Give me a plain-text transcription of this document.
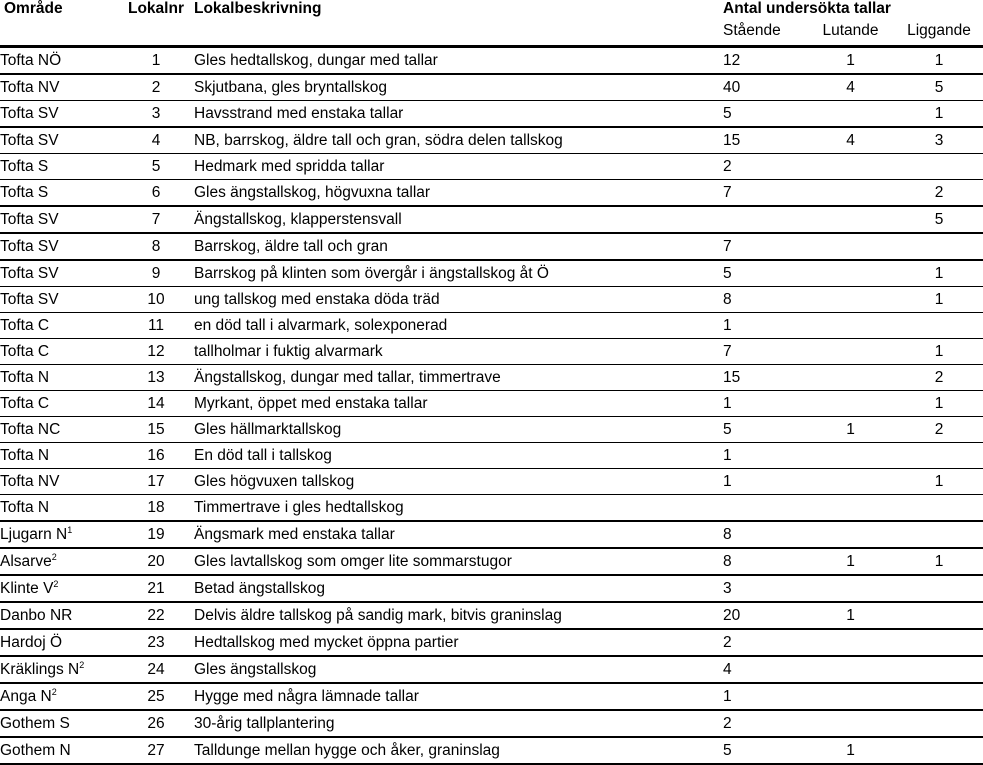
Område	Lokalnr	Lokalbeskrivning	Antal undersökta tallar		
			Stående	Lutande	Liggande
Tofta NÖ	1	Gles hedtallskog, dungar med tallar	12	1	1
Tofta NV	2	Skjutbana, gles bryntallskog	40	4	5
Tofta SV	3	Havsstrand med enstaka tallar	5		1
Tofta SV	4	NB, barrskog, äldre tall och gran, södra delen tallskog	15	4	3
Tofta S	5	Hedmark med spridda tallar	2		
Tofta S	6	Gles ängstallskog, högvuxna tallar	7		2
Tofta SV	7	Ängstallskog, klapperstensvall			5
Tofta SV	8	Barrskog, äldre tall och gran	7		
Tofta SV	9	Barrskog på klinten som övergår i ängstallskog åt Ö	5		1
Tofta SV	10	ung tallskog med enstaka döda träd	8		1
Tofta C	11	en död tall i alvarmark, solexponerad	1		
Tofta C	12	tallholmar i fuktig alvarmark	7		1
Tofta N	13	Ängstallskog, dungar med tallar, timmertrave	15		2
Tofta C	14	Myrkant, öppet med enstaka tallar	1		1
Tofta NC	15	Gles hällmarktallskog	5	1	2
Tofta N	16	En död tall i tallskog	1		
Tofta NV	17	Gles högvuxen tallskog	1		1
Tofta N	18	Timmertrave i gles hedtallskog			
Ljugarn $N^1$	19	Ängsmark med enstaka tallar	8		
Alsarve$^2$	20	Gles lavtallskog som omger lite sommarstugor	8	1	1
Klinte $V^2$	21	Betad ängstallskog	3		
Danbo NR	22	Delvis äldre tallskog på sandig mark, bitvis graninslag	20	1	
Hardoj Ö	23	Hedtallskog med mycket öppna partier	2		
Kräklings $N^2$	24	Gles ängstallskog	4		
Anga $N^2$	25	Hygge med några lämnade tallar	1		
Gothem S	26	30-årig tallplantering	2		
Gothem N	27	Talldunge mellan hygge och åker, graninslag	5	1	
